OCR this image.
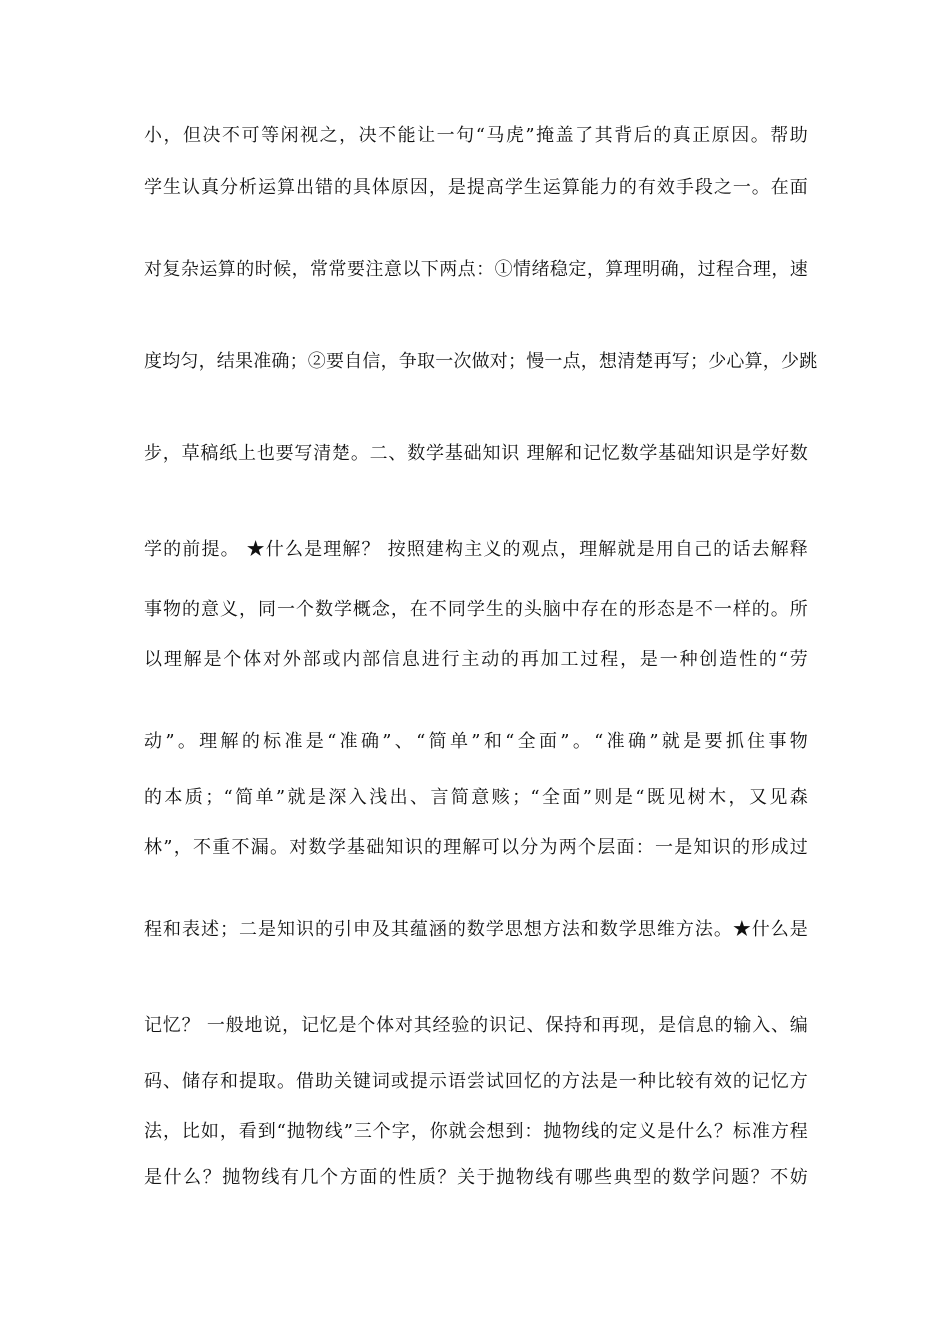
小，但决不可等闲视之，决不能让一句“马虎”掩盖了其背后的真正原因。帮助
学生认真分析运算出错的具体原因，是提高学生运算能力的有效手段之一。在面
对复杂运算的时候，常常要注意以下两点：①情绪稳定，算理明确，过程合理，速
度均匀，结果准确；②要自信，争取一次做对；慢一点，想清楚再写；少心算，少跳
步，草稿纸上也要写清楚。二、数学基础知识 理解和记忆数学基础知识是学好数
学的前提。 ★什么是理解？ 按照建构主义的观点，理解就是用自己的话去解释
事物的意义，同一个数学概念，在不同学生的头脑中存在的形态是不一样的。所
以理解是个体对外部或内部信息进行主动的再加工过程，是一种创造性的“劳
动”。理解的标准是“准确”、“简单”和“全面”。“准确”就是要抓住事物
的本质；“简单”就是深入浅出、言简意赅；“全面”则是“既见树木，又见森
林”，不重不漏。对数学基础知识的理解可以分为两个层面：一是知识的形成过
程和表述；二是知识的引申及其蕴涵的数学思想方法和数学思维方法。★什么是
记忆？ 一般地说，记忆是个体对其经验的识记、保持和再现，是信息的输入、编
码、储存和提取。借助关键词或提示语尝试回忆的方法是一种比较有效的记忆方
法，比如，看到“抛物线”三个字，你就会想到：抛物线的定义是什么？标准方程
是什么？抛物线有几个方面的性质？关于抛物线有哪些典型的数学问题？不妨
